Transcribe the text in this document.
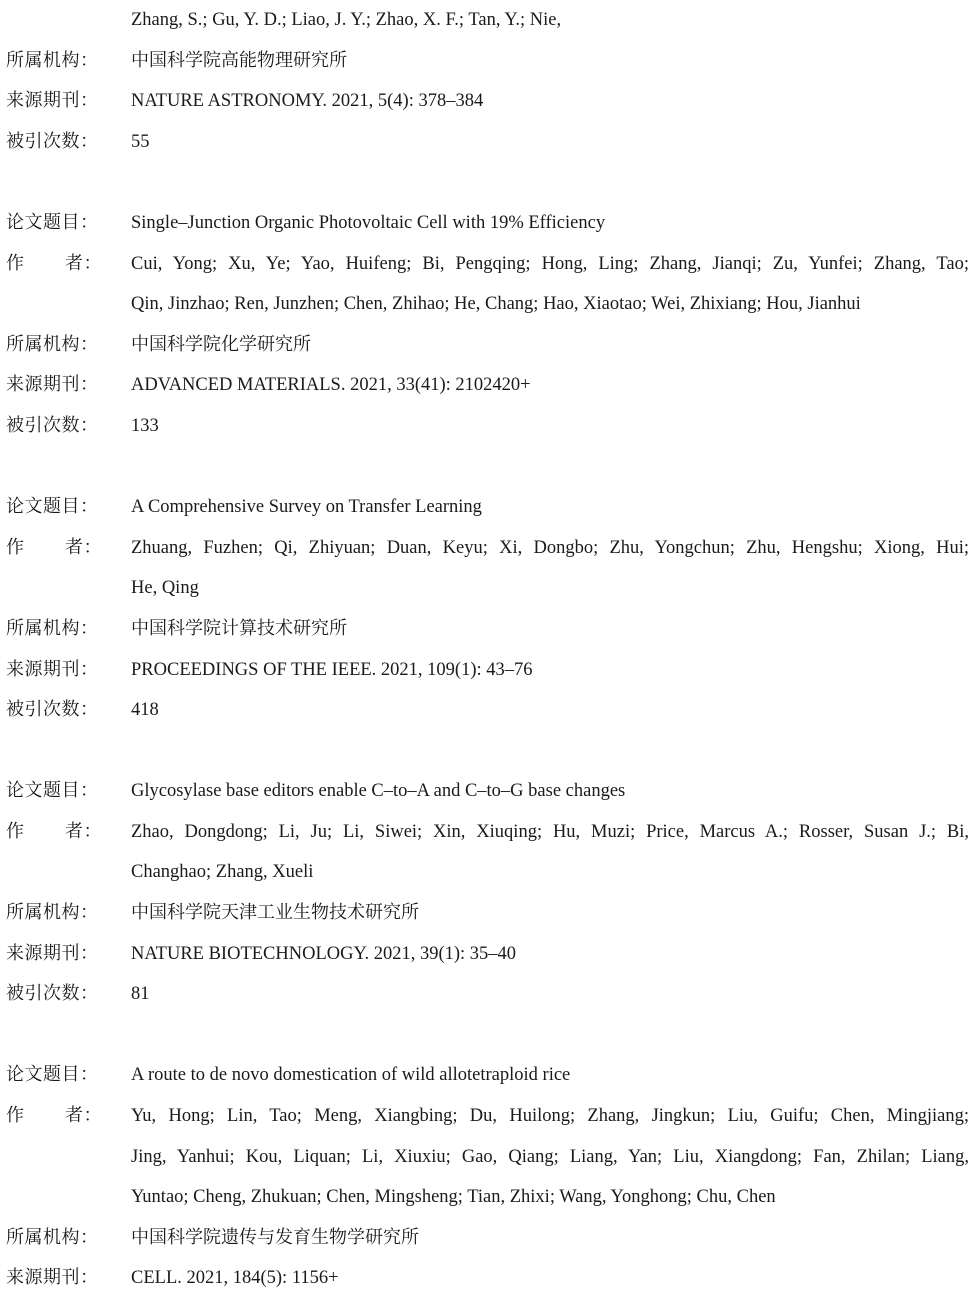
Zhang, S.; Gu, Y. D.; Liao, J. Y.; Zhao, X. F.; Tan, Y.; Nie,
所属机构：	中国科学院高能物理研究所
来源期刊：	NATURE ASTRONOMY. 2021, 5(4): 378–384
被引次数：	55
论文题目：	Single–Junction Organic Photovoltaic Cell with 19% Efficiency
作 者： Cui, Yong; Xu, Ye; Yao, Huifeng; Bi, Pengqing; Hong, Ling; Zhang, Jianqi; Zu, Yunfei; Zhang, Tao;
Qin, Jinzhao; Ren, Junzhen; Chen, Zhihao; He, Chang; Hao, Xiaotao; Wei, Zhixiang; Hou, Jianhui
所属机构：	中国科学院化学研究所
来源期刊：	ADVANCED MATERIALS. 2021, 33(41): 2102420+
被引次数：	133
论文题目：	A Comprehensive Survey on Transfer Learning
作 者： Zhuang, Fuzhen; Qi, Zhiyuan; Duan, Keyu; Xi, Dongbo; Zhu, Yongchun; Zhu, Hengshu; Xiong, Hui;
He, Qing
所属机构：	中国科学院计算技术研究所
来源期刊：	PROCEEDINGS OF THE IEEE. 2021, 109(1): 43–76
被引次数：	418
论文题目：	Glycosylase base editors enable C–to–A and C–to–G base changes
作 者： Zhao, Dongdong; Li, Ju; Li, Siwei; Xin, Xiuqing; Hu, Muzi; Price, Marcus A.; Rosser, Susan J.; Bi,
Changhao; Zhang, Xueli
所属机构：	中国科学院天津工业生物技术研究所
来源期刊：	NATURE BIOTECHNOLOGY. 2021, 39(1): 35–40
被引次数：	81
论文题目：	A route to de novo domestication of wild allotetraploid rice
作 者： Yu, Hong; Lin, Tao; Meng, Xiangbing; Du, Huilong; Zhang, Jingkun; Liu, Guifu; Chen, Mingjiang;
Jing, Yanhui; Kou, Liquan; Li, Xiuxiu; Gao, Qiang; Liang, Yan; Liu, Xiangdong; Fan, Zhilan; Liang,
Yuntao; Cheng, Zhukuan; Chen, Mingsheng; Tian, Zhixi; Wang, Yonghong; Chu, Chen
所属机构：	中国科学院遗传与发育生物学研究所
来源期刊：	CELL. 2021, 184(5): 1156+
